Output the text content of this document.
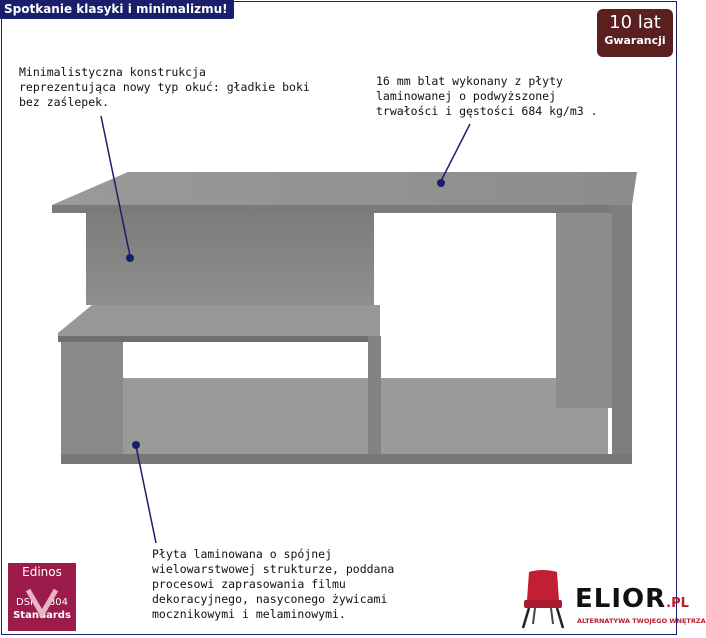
Spotkanie klasyki i minimalizmu!
10 lat
Gwarancji
Minimalistyczna konstrukcja
reprezentująca nowy typ okuć: gładkie boki
bez zaślepek.
16 mm blat wykonany z płyty
laminowanej o podwyższonej
trwałości i gęstości 684 kg/m3 .
Płyta laminowana o spójnej
wielowarstwowej strukturze, poddana
procesowi zaprasowania filmu
dekoracyjnego, nasyconego żywicami
mocznikowymi i melaminowymi.
Edinos
DSI 804
Standards
ELIOR.PL
ALTERNATYWA TWOJEGO WNĘTRZA
